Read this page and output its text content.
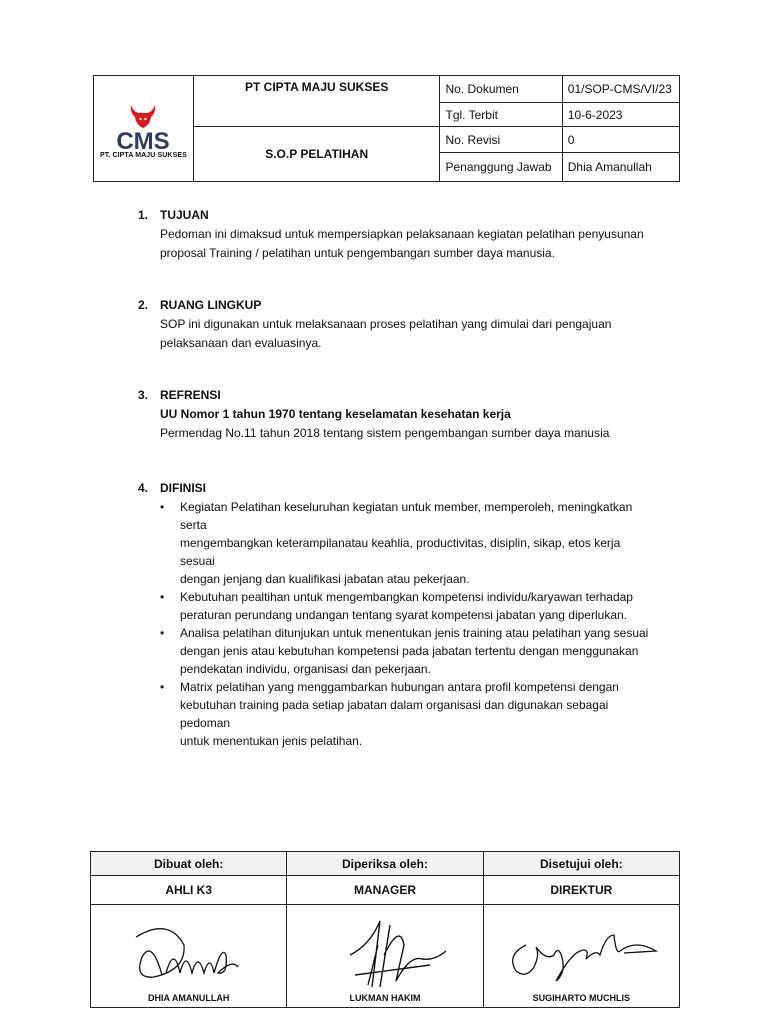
CMS
PT. CIPTA MAJU SUKSES	PT CIPTA MAJU SUKSES	No. Dokumen	01/SOP-CMS/VI/23
		Tgl. Terbit	10-6-2023
	S.O.P PELATIHAN	No. Revisi	0
		Penanggung Jawab	Dhia Amanullah
1. TUJUAN
Pedoman ini dimaksud untuk mempersiapkan pelaksanaan kegiatan pelatihan penyusunan
proposal Training / pelatihan untuk pengembangan sumber daya manusia.
2. RUANG LINGKUP
SOP ini digunakan untuk melaksanaan proses pelatihan yang dimulai dari pengajuan
pelaksanaan dan evaluasinya.
3. REFRENSI
UU Nomor 1 tahun 1970 tentang keselamatan kesehatan kerja
Permendag No.11 tahun 2018 tentang sistem pengembangan sumber daya manusia
4. DIFINISI
•	Kegiatan Pelatihan keseluruhan kegiatan untuk member, memperoleh, meningkatkan serta
mengembangkan keterampilanatau keahlia, productivitas, disiplin, sikap, etos kerja sesuai
dengan jenjang dan kualifikasi jabatan atau pekerjaan.
•	Kebutuhan pealtihan untuk mengembangkan kompetensi individu/karyawan terhadap
peraturan perundang undangan tentang syarat kompetensi jabatan yang diperlukan.
•	Analisa pelatihan ditunjukan untuk menentukan jenis training atau pelatihan yang sesuai
dengan jenis atau kebutuhan kompetensi pada jabatan tertentu dengan menggunakan
pendekatan individu, organisasi dan pekerjaan.
•	Matrix pelatihan yang menggambarkan hubungan antara profil kompetensi dengan
kebutuhan training pada setiap jabatan dalam organisasi dan digunakan sebagai pedoman
untuk menentukan jenis pelatihan.
Dibuat oleh:	Diperiksa oleh:	Disetujui oleh:
AHLI K3	MANAGER	DIREKTUR

DHIA AMANULLAH	LUKMAN HAKIM	SUGIHARTO MUCHLIS
